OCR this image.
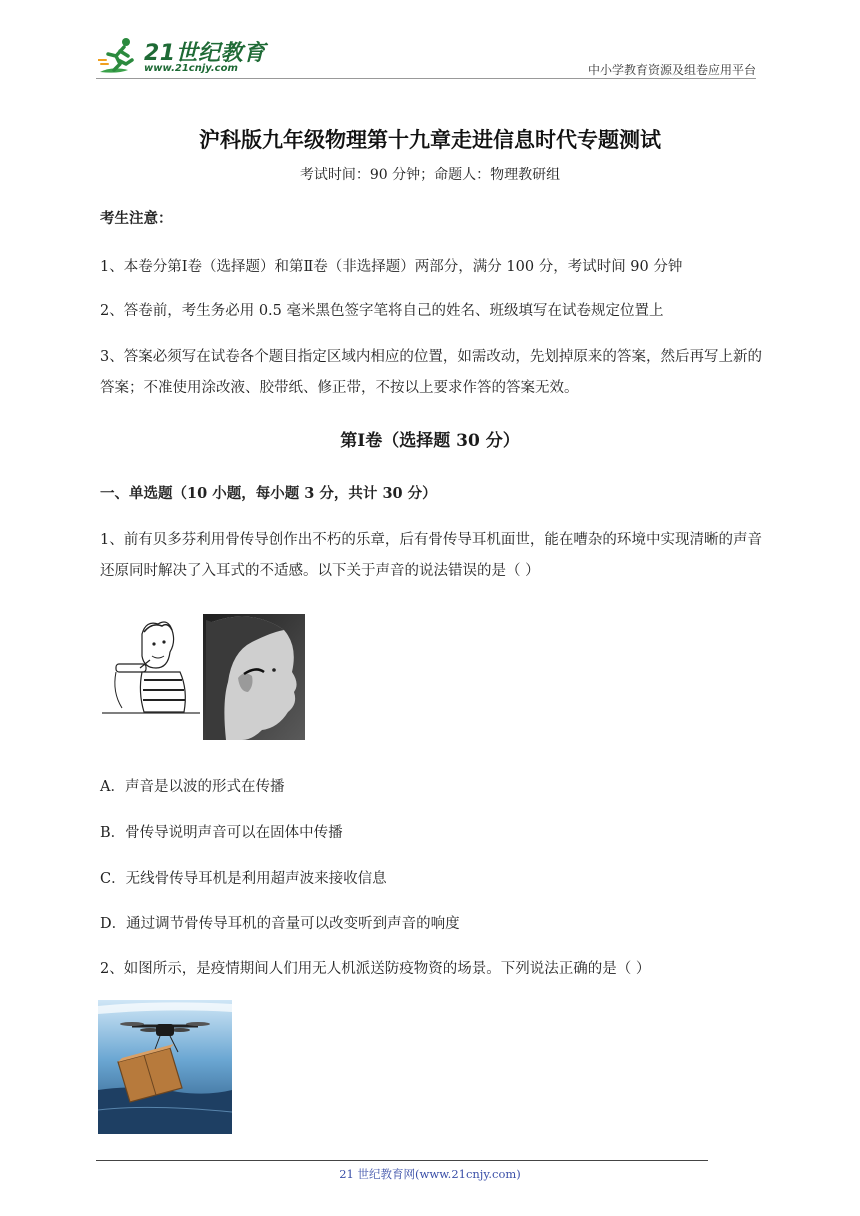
21世纪教育
www.21cnjy.com	中小学教育资源及组卷应用平台
沪科版九年级物理第十九章走进信息时代专题测试
考试时间：90 分钟；命题人：物理教研组
考生注意：
1、本卷分第Ⅰ卷（选择题）和第Ⅱ卷（非选择题）两部分，满分 100 分，考试时间 90 分钟
2、答卷前，考生务必用 0.5 毫米黑色签字笔将自己的姓名、班级填写在试卷规定位置上
3、答案必须写在试卷各个题目指定区域内相应的位置，如需改动，先划掉原来的答案，然后再写上新的答案；不准使用涂改液、胶带纸、修正带，不按以上要求作答的答案无效。
第Ⅰ卷（选择题 30 分）
一、单选题（10 小题，每小题 3 分，共计 30 分）
1、前有贝多芬利用骨传导创作出不朽的乐章，后有骨传导耳机面世，能在嘈杂的环境中实现清晰的声音还原同时解决了入耳式的不适感。以下关于声音的说法错误的是（ ）
A．声音是以波的形式在传播
B．骨传导说明声音可以在固体中传播
C．无线骨传导耳机是利用超声波来接收信息
D．通过调节骨传导耳机的音量可以改变听到声音的响度
2、如图所示，是疫情期间人们用无人机派送防疫物资的场景。下列说法正确的是（ ）
21 世纪教育网(www.21cnjy.com)
